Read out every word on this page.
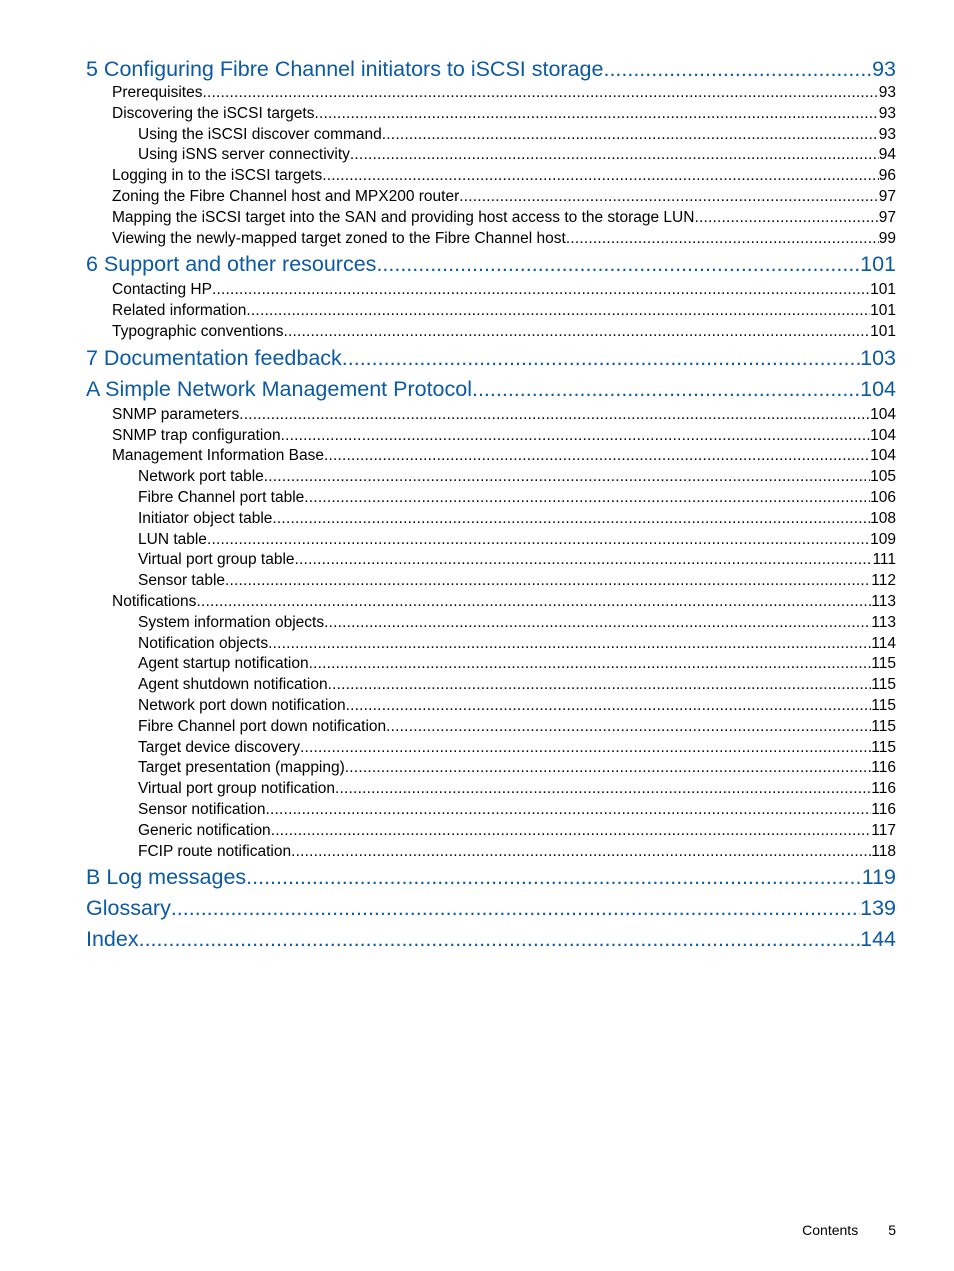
5 Configuring Fibre Channel initiators to iSCSI storage .....	93
Prerequisites .....	93
Discovering the iSCSI targets .....	93
Using the iSCSI discover command .....	93
Using iSNS server connectivity .....	94
Logging in to the iSCSI targets .....	96
Zoning the Fibre Channel host and MPX200 router .....	97
Mapping the iSCSI target into the SAN and providing host access to the storage LUN .....	97
Viewing the newly-mapped target zoned to the Fibre Channel host .....	99
6 Support and other resources .....	101
Contacting HP .....	101
Related information .....	101
Typographic conventions .....	101
7 Documentation feedback .....	103
A Simple Network Management Protocol .....	104
SNMP parameters .....	104
SNMP trap configuration .....	104
Management Information Base .....	104
Network port table .....	105
Fibre Channel port table .....	106
Initiator object table .....	108
LUN table .....	109
Virtual port group table .....	111
Sensor table .....	112
Notifications .....	113
System information objects .....	113
Notification objects .....	114
Agent startup notification .....	115
Agent shutdown notification .....	115
Network port down notification .....	115
Fibre Channel port down notification .....	115
Target device discovery .....	115
Target presentation (mapping) .....	116
Virtual port group notification .....	116
Sensor notification .....	116
Generic notification .....	117
FCIP route notification .....	118
B Log messages .....	119
Glossary .....	139
Index .....	144
Contents 5
